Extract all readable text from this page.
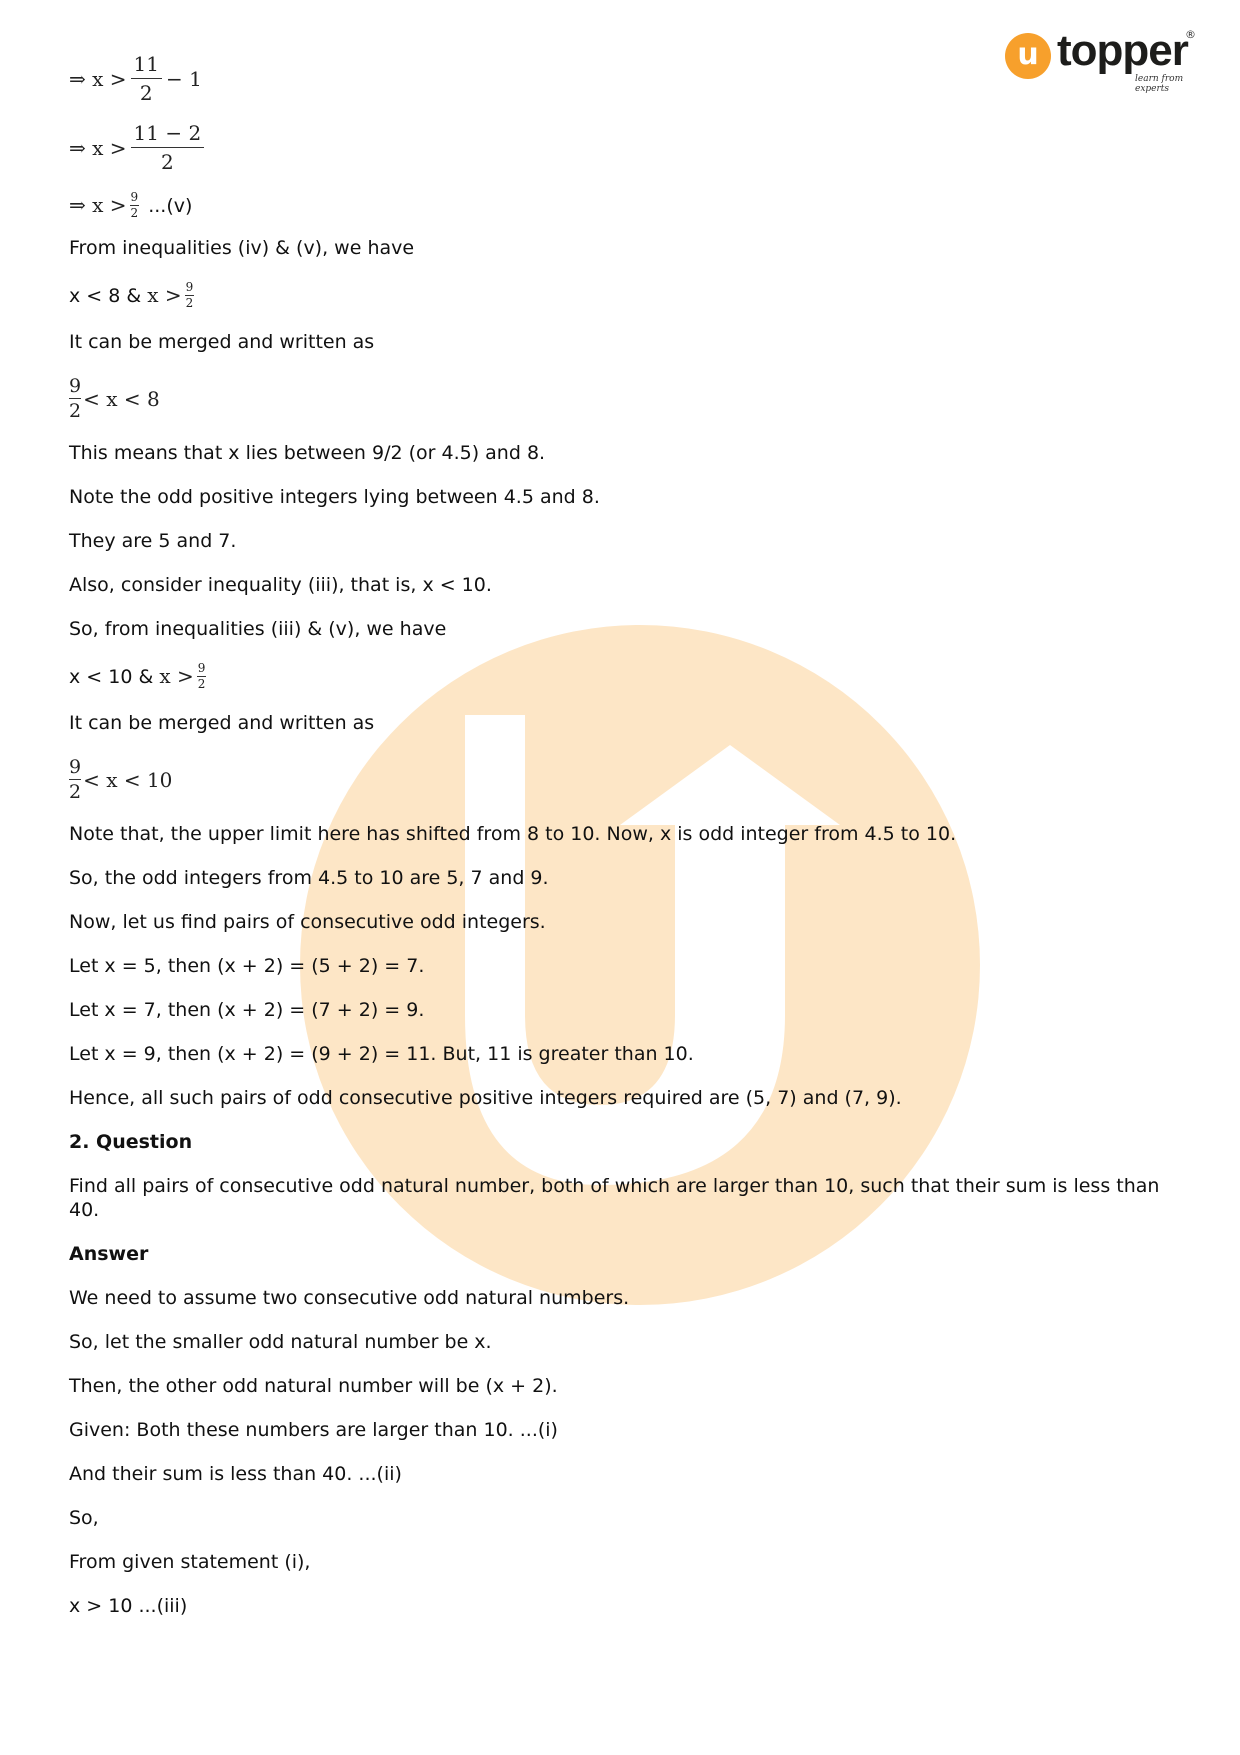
u topper
®
learn from experts
⇒ $x > \frac{11}{2} - 1$
⇒ $x > \frac{11 - 2}{2}$
⇒ $x > \frac{9}{2} ...(v)$

From inequalities (iv) & (v), we have

x < 8 & $x > \frac{9}{2}$

It can be merged and written as

$\frac{9}{2} < x < 8$

This means that x lies between 9/2 (or 4.5) and 8.

Note the odd positive integers lying between 4.5 and 8.

They are 5 and 7.

Also, consider inequality (iii), that is, x < 10.

So, from inequalities (iii) & (v), we have

x < 10 & $x > \frac{9}{2}$

It can be merged and written as

$\frac{9}{2} < x < 10$

Note that, the upper limit here has shifted from 8 to 10. Now, x is odd integer from 4.5 to 10.

So, the odd integers from 4.5 to 10 are 5, 7 and 9.

Now, let us find pairs of consecutive odd integers.

Let x = 5, then (x + 2) = (5 + 2) = 7.

Let x = 7, then (x + 2) = (7 + 2) = 9.

Let x = 9, then (x + 2) = (9 + 2) = 11. But, 11 is greater than 10.

Hence, all such pairs of odd consecutive positive integers required are (5, 7) and (7, 9).

2. Question

Find all pairs of consecutive odd natural number, both of which are larger than 10, such that their sum is less than 40.

Answer

We need to assume two consecutive odd natural numbers.

So, let the smaller odd natural number be x.

Then, the other odd natural number will be (x + 2).

Given: Both these numbers are larger than 10. ...(i)

And their sum is less than 40. ...(ii)

So,

From given statement (i),

x > 10 ...(iii)
